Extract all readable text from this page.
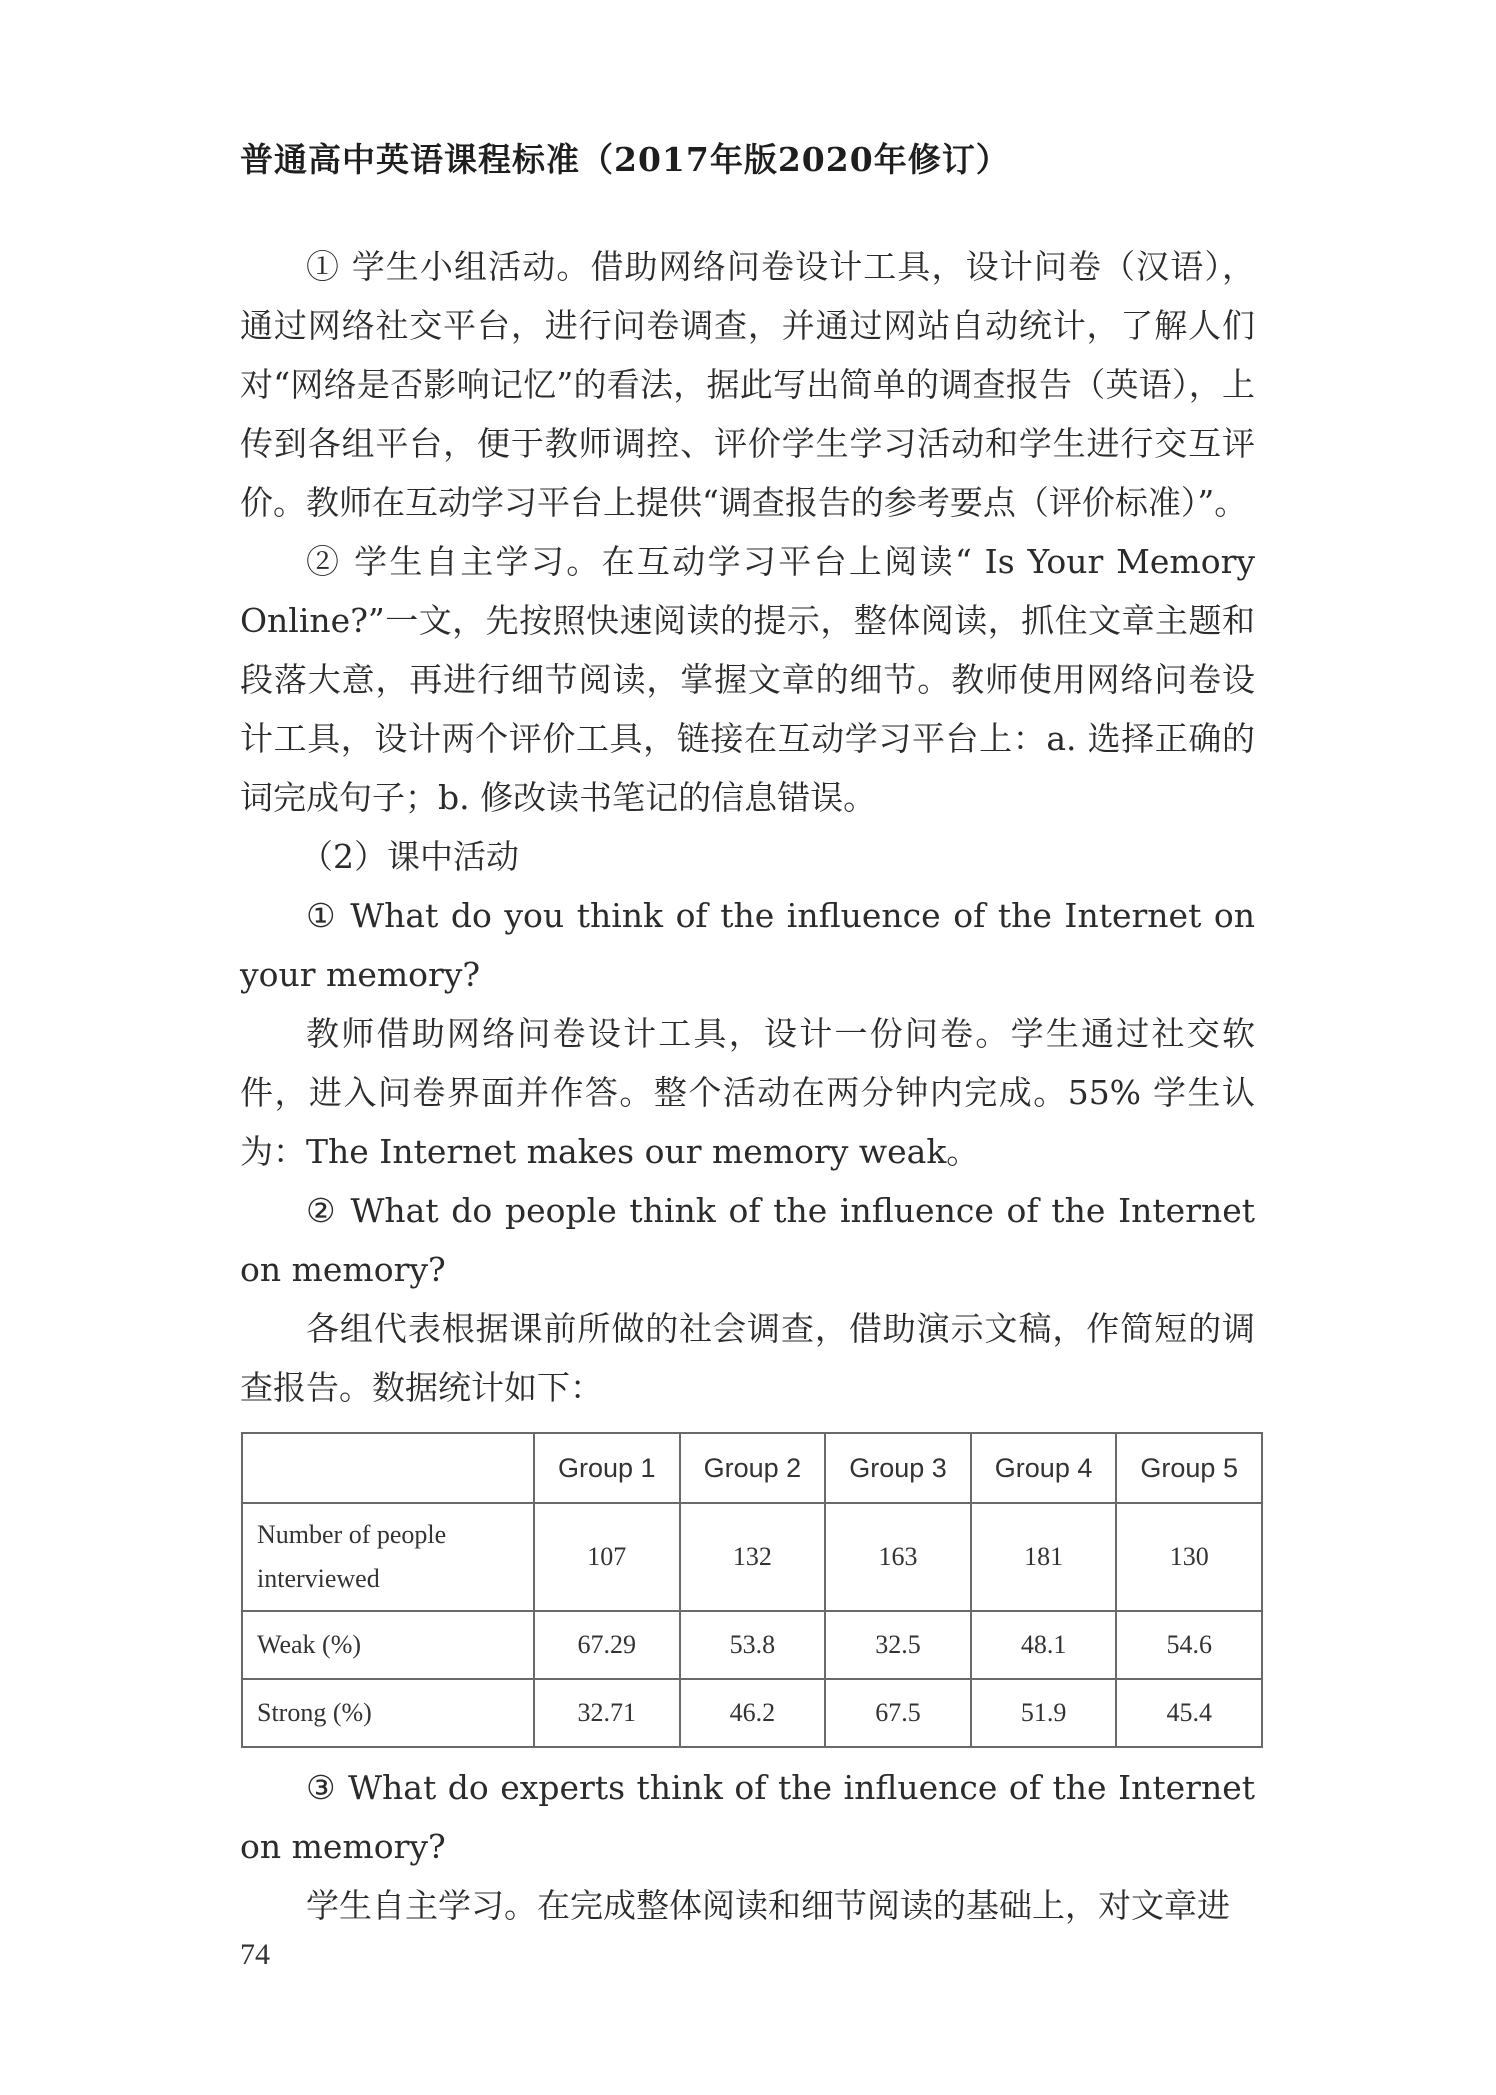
普通高中英语课程标准（2017年版2020年修订）

① 学生小组活动。借助网络问卷设计工具，设计问卷（汉语），通过网络社交平台，进行问卷调查，并通过网站自动统计，了解人们对“网络是否影响记忆”的看法，据此写出简单的调查报告（英语），上传到各组平台，便于教师调控、评价学生学习活动和学生进行交互评价。教师在互动学习平台上提供“调查报告的参考要点（评价标准）”。

② 学生自主学习。在互动学习平台上阅读“ Is Your Memory Online?”一文，先按照快速阅读的提示，整体阅读，抓住文章主题和段落大意，再进行细节阅读，掌握文章的细节。教师使用网络问卷设计工具，设计两个评价工具，链接在互动学习平台上：a. 选择正确的词完成句子；b. 修改读书笔记的信息错误。

（2）课中活动

① What do you think of the influence of the Internet on your memory?

教师借助网络问卷设计工具，设计一份问卷。学生通过社交软件，进入问卷界面并作答。整个活动在两分钟内完成。55% 学生认为：The Internet makes our memory weak。

② What do people think of the influence of the Internet on memory?

各组代表根据课前所做的社会调查，借助演示文稿，作简短的调查报告。数据统计如下：

	Group 1	Group 2	Group 3	Group 4	Group 5
Number of people interviewed	107	132	163	181	130
Weak (%)	67.29	53.8	32.5	48.1	54.6
Strong (%)	32.71	46.2	67.5	51.9	45.4

③ What do experts think of the influence of the Internet on memory?

学生自主学习。在完成整体阅读和细节阅读的基础上，对文章进

74
